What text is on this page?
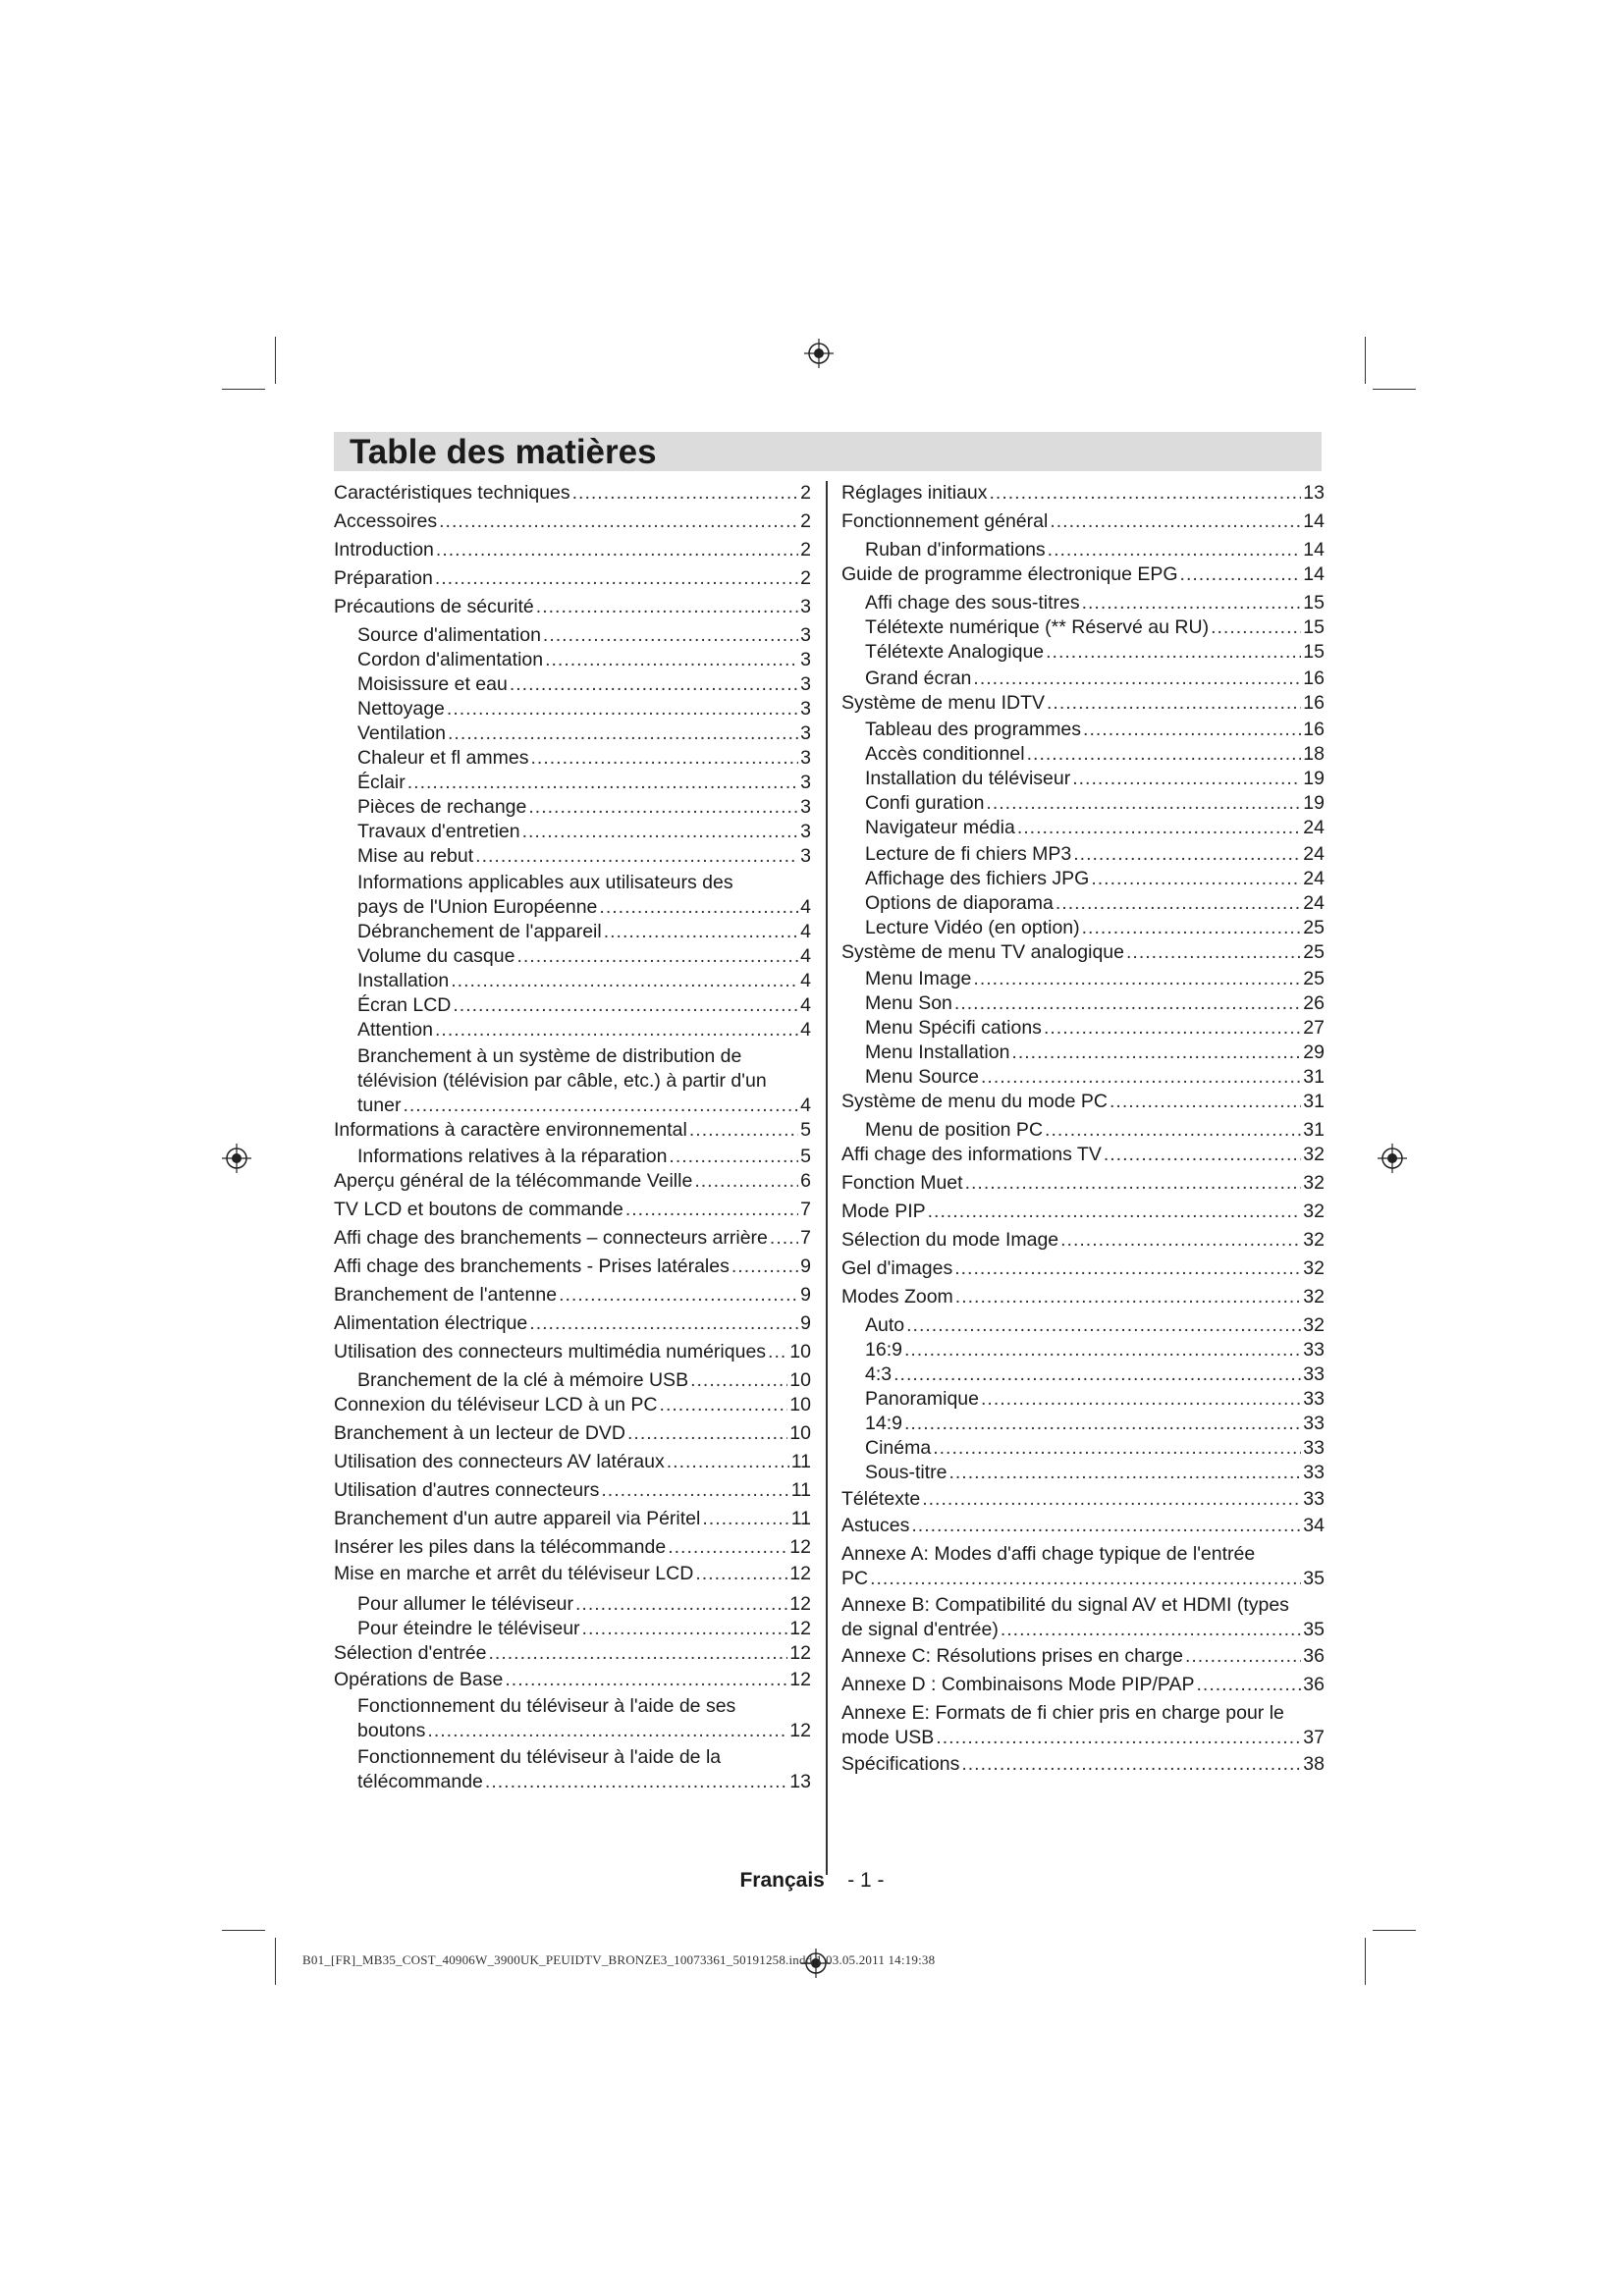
Table des matières
Caractéristiques techniques .....	2
Accessoires .....	2
Introduction .....	2
Préparation .....	2
Précautions de sécurité .....	3
Source d'alimentation .....	3
Cordon d'alimentation .....	3
Moisissure et eau .....	3
Nettoyage .....	3
Ventilation .....	3
Chaleur et fl ammes .....	3
Éclair .....	3
Pièces de rechange .....	3
Travaux d'entretien .....	3
Mise au rebut .....	3
Informations applicables aux utilisateurs des
pays de l'Union Européenne .....	4
Débranchement de l'appareil .....	4
Volume du casque .....	4
Installation .....	4
Écran LCD .....	4
Attention .....	4
Branchement à un système de distribution de
télévision (télévision par câble, etc.) à partir d'un
tuner .....	4
Informations à caractère environnemental .....	5
Informations relatives à la réparation .....	5
Aperçu général de la télécommande Veille .....	6
TV LCD et boutons de commande .....	7
Affi chage des branchements – connecteurs arrière ..... 7
Affi chage des branchements - Prises latérales .....	9
Branchement de l'antenne .....	9
Alimentation électrique .....	9
Utilisation des connecteurs multimédia numériques ..... 10
Branchement de la clé à mémoire USB .....	10
Connexion du téléviseur LCD à un PC .....	10
Branchement à un lecteur de DVD .....	10
Utilisation des connecteurs AV latéraux .....	11
Utilisation d'autres connecteurs .....	11
Branchement d'un autre appareil via Péritel .....	11
Insérer les piles dans la télécommande .....	12
Mise en marche et arrêt du téléviseur LCD .....	12
Pour allumer le téléviseur .....	12
Pour éteindre le téléviseur .....	12
Sélection d'entrée .....	12
Opérations de Base .....	12
Fonctionnement du téléviseur à l'aide de ses
boutons .....	12
Fonctionnement du téléviseur à l'aide de la
télécommande .....	13
Réglages initiaux .....	13
Fonctionnement général .....	14
Ruban d'informations .....	14
Guide de programme électronique EPG .....	14
Affi chage des sous-titres .....	15
Télétexte numérique (** Réservé au RU) .....	15
Télétexte Analogique .....	15
Grand écran .....	16
Système de menu IDTV .....	16
Tableau des programmes .....	16
Accès conditionnel .....	18
Installation du téléviseur .....	19
Confi guration .....	19
Navigateur média .....	24
Lecture de fi chiers MP3 .....	24
Affichage des fichiers JPG .....	24
Options de diaporama .....	24
Lecture Vidéo (en option) .....	25
Système de menu TV analogique .....	25
Menu Image .....	25
Menu Son .....	26
Menu Spécifi cations .....	27
Menu Installation .....	29
Menu Source .....	31
Système de menu du mode PC .....	31
Menu de position PC .....	31
Affi chage des informations TV .....	32
Fonction Muet .....	32
Mode PIP .....	32
Sélection du mode Image .....	32
Gel d'images .....	32
Modes Zoom .....	32
Auto .....	32
16:9 .....	33
4:3 .....	33
Panoramique .....	33
14:9 .....	33
Cinéma .....	33
Sous-titre .....	33
Télétexte .....	33
Astuces .....	34
Annexe A: Modes d'affi chage typique de l'entrée
PC .....	35
Annexe B: Compatibilité du signal AV et HDMI (types
de signal d'entrée) .....	35
Annexe C: Résolutions prises en charge .....	36
Annexe D : Combinaisons Mode PIP/PAP .....	36
Annexe E: Formats de fi chier pris en charge pour le
mode USB .....	37
Spécifications .....	38
Français - 1 -
B01_[FR]_MB35_COST_40906W_3900UK_PEUIDTV_BRONZE3_10073361_50191258.indd 1 03.05.2011 14:19:38
